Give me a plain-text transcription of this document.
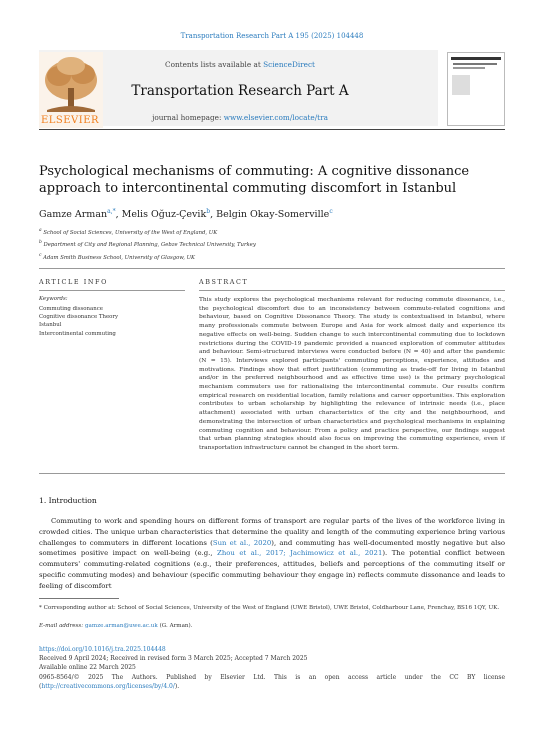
Transportation Research Part A 195 (2025) 104448
ELSEVIER
Contents lists available at ScienceDirect
Transportation Research Part A
journal homepage: www.elsevier.com/locate/tra
Psychological mechanisms of commuting: A cognitive dissonance approach to intercontinental commuting discomfort in Istanbul
Gamze Arman$^{a,*}$, Melis Oğuz-Çevik$^b$, Belgin Okay-Somerville$^c$
$^a$ School of Social Sciences, University of the West of England, UK
$^b$ Department of City and Regional Planning, Gebze Technical University, Turkey
$^c$ Adam Smith Business School, University of Glasgow, UK
ARTICLE INFO
Keywords:
Commuting dissonance
Cognitive dissonance Theory
Istanbul
Intercontinental commuting
ABSTRACT
This study explores the psychological mechanisms relevant for reducing commute dissonance, i.e., the psychological discomfort due to an inconsistency between commute-related cognitions and behaviour, based on Cognitive Dissonance Theory. The study is contextualised in Istanbul, where many professionals commute between Europe and Asia for work almost daily and experience its negative effects on well-being. Sudden change to such intercontinental commuting due to lockdown restrictions during the COVID-19 pandemic provided a nuanced exploration of commuter attitudes and behaviour. Semi-structured interviews were conducted before (N = 40) and after the pandemic (N = 15). Interviews explored participants' commuting perceptions, experience, attitudes and motivations. Findings show that effort justification (commuting as trade-off for living in Istanbul and/or in the preferred neighbourhood and as effective time use) is the primary psychological mechanism commuters use for rationalising the intercontinental commute. Our results confirm empirical research on residential location, family relations and career opportunities. This exploration contributes to urban scholarship by highlighting the relevance of intrinsic needs (i.e., place attachment) associated with urban characteristics of the city and the neighbourhood, and demonstrating the intersection of urban characteristics and psychological mechanisms in explaining commuting cognition and behaviour. From a policy and practice perspective, our findings suggest that urban planning strategies should also focus on improving the commuting experience, even if transportation infrastructure cannot be changed in the short term.
1. Introduction
Commuting to work and spending hours on different forms of transport are regular parts of the lives of the workforce living in crowded cities. The unique urban characteristics that determine the quality and length of the commuting experience bring various challenges to commuters in different locations (Sun et al., 2020), and commuting has well-documented mostly negative but also sometimes positive impact on well-being (e.g., Zhou et al., 2017; Jachimowicz et al., 2021). The potential conflict between commuters' commuting-related cognitions (e.g., their preferences, attitudes, beliefs and perceptions of the commuting itself or specific commuting modes) and behaviour (specific commuting behaviour they engage in) reflects commute dissonance and leads to feeling of discomfort
* Corresponding author at: School of Social Sciences, University of the West of England (UWE Bristol), UWE Bristol, Coldharbour Lane, Frenchay, BS16 1QY, UK.
E-mail address: gamze.arman@uwe.ac.uk (G. Arman).
https://doi.org/10.1016/j.tra.2025.104448
Received 9 April 2024; Received in revised form 3 March 2025; Accepted 7 March 2025
Available online 22 March 2025
0965-8564/© 2025 The Authors. Published by Elsevier Ltd. This is an open access article under the CC BY license (http://creativecommons.org/licenses/by/4.0/).
